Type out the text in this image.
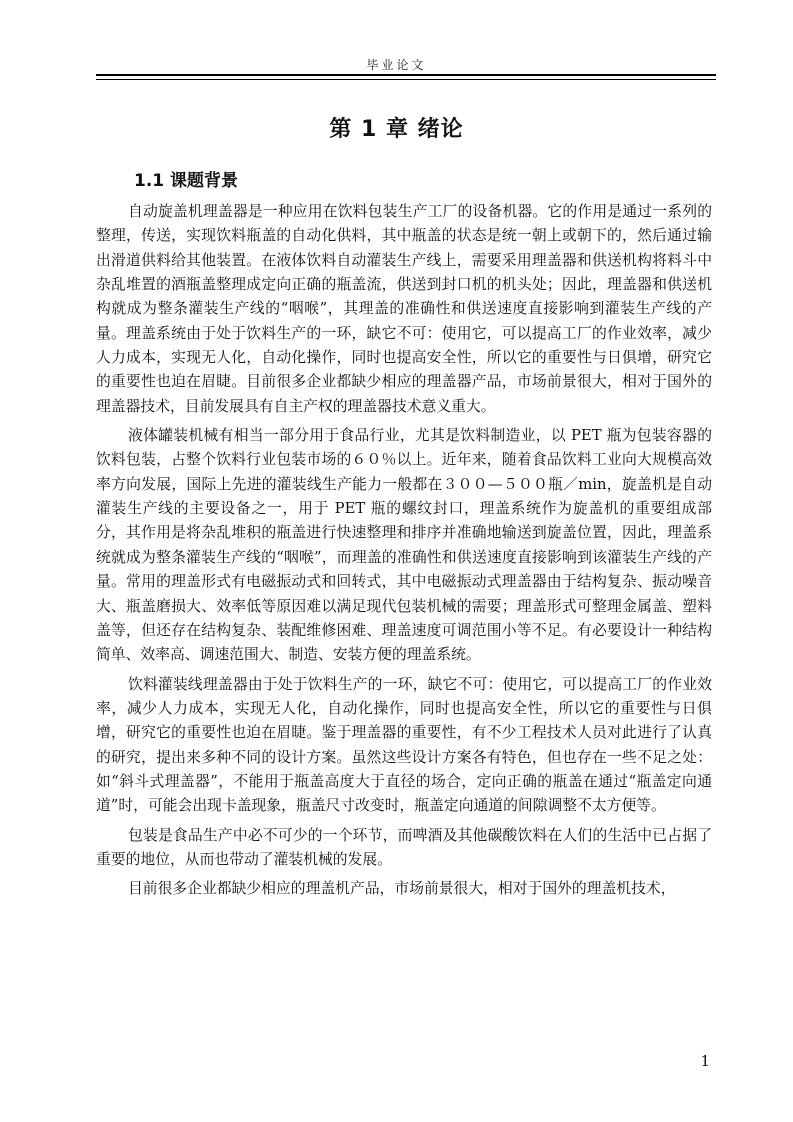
毕业论文
第 1 章 绪论
1.1 课题背景

自动旋盖机理盖器是一种应用在饮料包装生产工厂的设备机器。它的作用是通过一系列的整理，传送，实现饮料瓶盖的自动化供料，其中瓶盖的状态是统一朝上或朝下的，然后通过输出滑道供料给其他装置。在液体饮料自动灌装生产线上，需要采用理盖器和供送机构将料斗中杂乱堆置的酒瓶盖整理成定向正确的瓶盖流，供送到封口机的机头处；因此，理盖器和供送机构就成为整条灌装生产线的“咽喉”，其理盖的准确性和供送速度直接影响到灌装生产线的产量。理盖系统由于处于饮料生产的一环，缺它不可：使用它，可以提高工厂的作业效率，减少人力成本，实现无人化，自动化操作，同时也提高安全性，所以它的重要性与日俱增，研究它的重要性也迫在眉睫。目前很多企业都缺少相应的理盖器产品，市场前景很大，相对于国外的理盖器技术，目前发展具有自主产权的理盖器技术意义重大。

液体罐装机械有相当一部分用于食品行业，尤其是饮料制造业，以 PET 瓶为包装容器的饮料包装，占整个饮料行业包装市场的６０％以上。近年来，随着食品饮料工业向大规模高效率方向发展，国际上先进的灌装线生产能力一般都在３００—５００瓶／min，旋盖机是自动灌装生产线的主要设备之一，用于 PET 瓶的螺纹封口，理盖系统作为旋盖机的重要组成部分，其作用是将杂乱堆积的瓶盖进行快速整理和排序并准确地输送到旋盖位置，因此，理盖系统就成为整条灌装生产线的“咽喉”，而理盖的准确性和供送速度直接影响到该灌装生产线的产量。常用的理盖形式有电磁振动式和回转式，其中电磁振动式理盖器由于结构复杂、振动噪音大、瓶盖磨损大、效率低等原因难以满足现代包装机械的需要；理盖形式可整理金属盖、塑料盖等，但还存在结构复杂、装配维修困难、理盖速度可调范围小等不足。有必要设计一种结构简单、效率高、调速范围大、制造、安装方便的理盖系统。

饮料灌装线理盖器由于处于饮料生产的一环，缺它不可：使用它，可以提高工厂的作业效率，减少人力成本，实现无人化，自动化操作，同时也提高安全性，所以它的重要性与日俱增，研究它的重要性也迫在眉睫。鉴于理盖器的重要性，有不少工程技术人员对此进行了认真的研究，提出来多种不同的设计方案。虽然这些设计方案各有特色，但也存在一些不足之处：如“斜斗式理盖器”，不能用于瓶盖高度大于直径的场合，定向正确的瓶盖在通过“瓶盖定向通道”时，可能会出现卡盖现象，瓶盖尺寸改变时，瓶盖定向通道的间隙调整不太方便等。

包装是食品生产中必不可少的一个环节，而啤酒及其他碳酸饮料在人们的生活中已占据了重要的地位，从而也带动了灌装机械的发展。

目前很多企业都缺少相应的理盖机产品，市场前景很大，相对于国外的理盖机技术，

1
